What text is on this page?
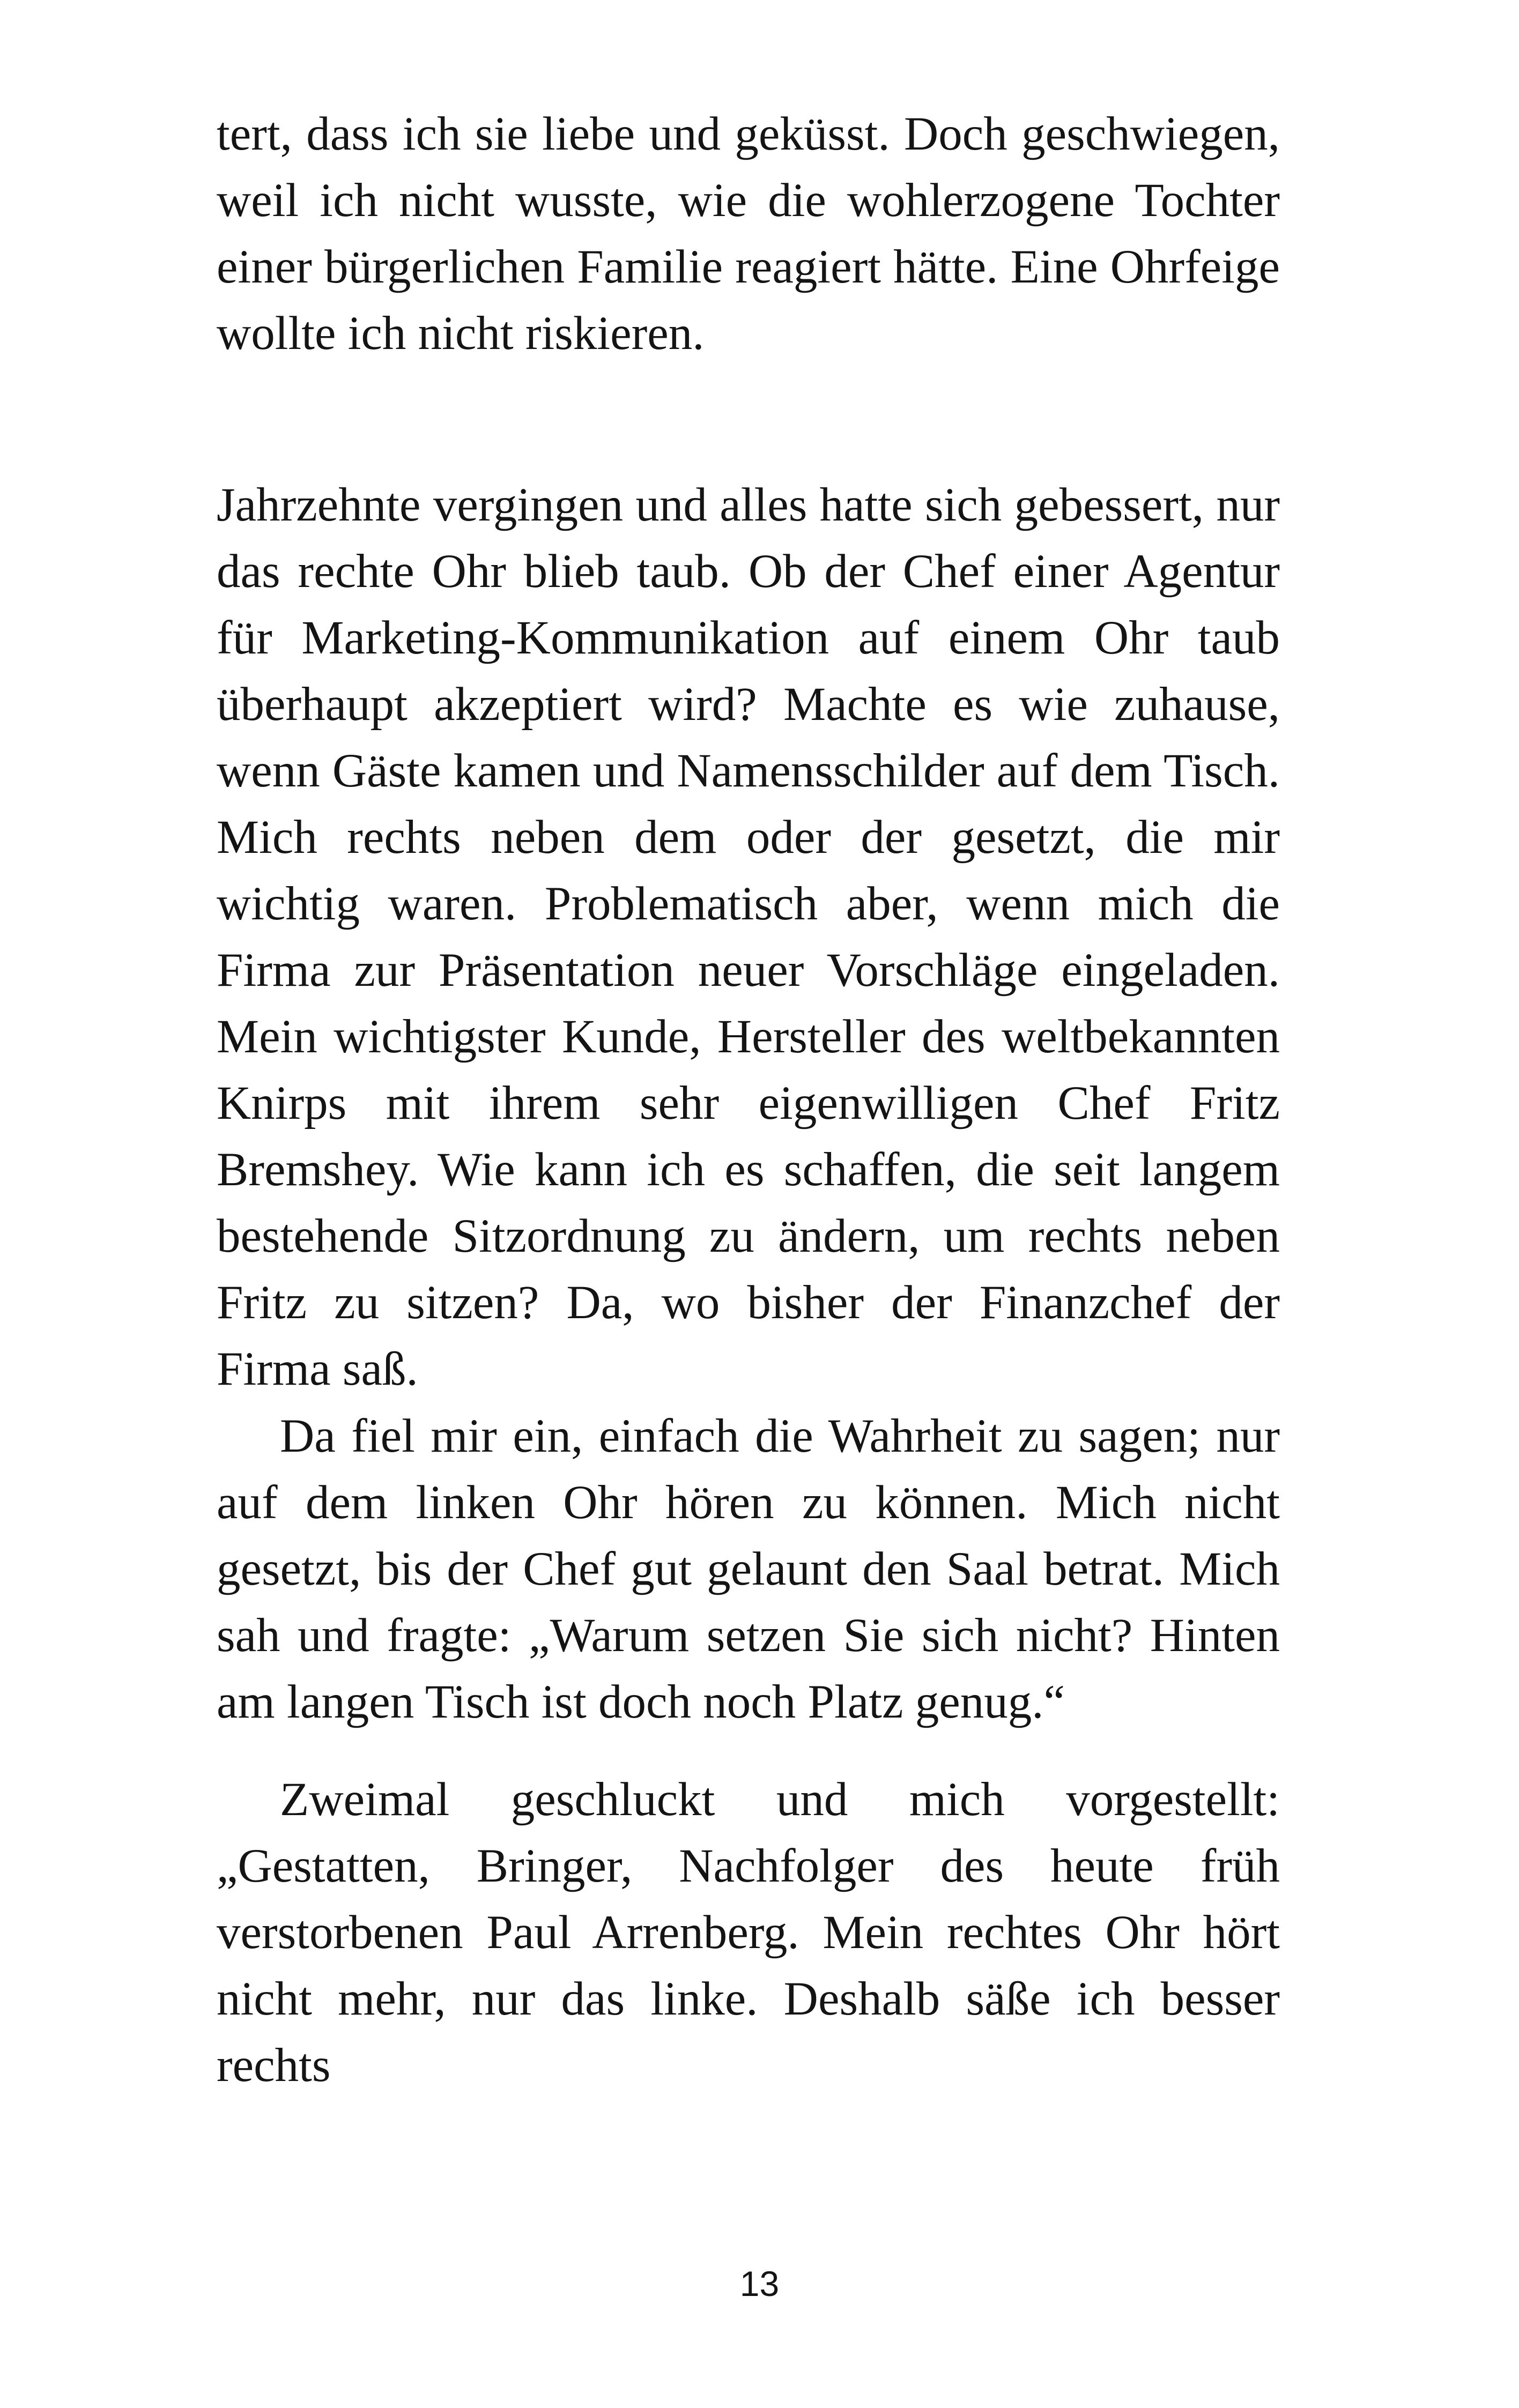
tert, dass ich sie liebe und geküsst. Doch geschwiegen, weil ich nicht wusste, wie die wohlerzogene Tochter einer bürgerlichen Familie reagiert hätte. Eine Ohrfeige wollte ich nicht riskieren.

Jahrzehnte vergingen und alles hatte sich gebessert, nur das rechte Ohr blieb taub. Ob der Chef einer Agentur für Marketing-Kommunikation auf einem Ohr taub überhaupt akzeptiert wird? Machte es wie zuhause, wenn Gäste kamen und Namensschilder auf dem Tisch. Mich rechts neben dem oder der gesetzt, die mir wichtig waren. Problematisch aber, wenn mich die Firma zur Präsentation neuer Vorschläge eingeladen. Mein wichtigster Kunde, Hersteller des weltbekannten Knirps mit ihrem sehr eigenwilligen Chef Fritz Bremshey. Wie kann ich es schaffen, die seit langem bestehende Sitzordnung zu ändern, um rechts neben Fritz zu sitzen? Da, wo bisher der Finanzchef der Firma saß.

Da fiel mir ein, einfach die Wahrheit zu sagen; nur auf dem linken Ohr hören zu können. Mich nicht gesetzt, bis der Chef gut gelaunt den Saal betrat. Mich sah und fragte: „Warum setzen Sie sich nicht? Hinten am langen Tisch ist doch noch Platz genug.“

Zweimal geschluckt und mich vorgestellt: „Gestatten, Bringer, Nachfolger des heute früh verstorbenen Paul Arrenberg. Mein rechtes Ohr hört nicht mehr, nur das linke. Deshalb säße ich besser rechts

13
